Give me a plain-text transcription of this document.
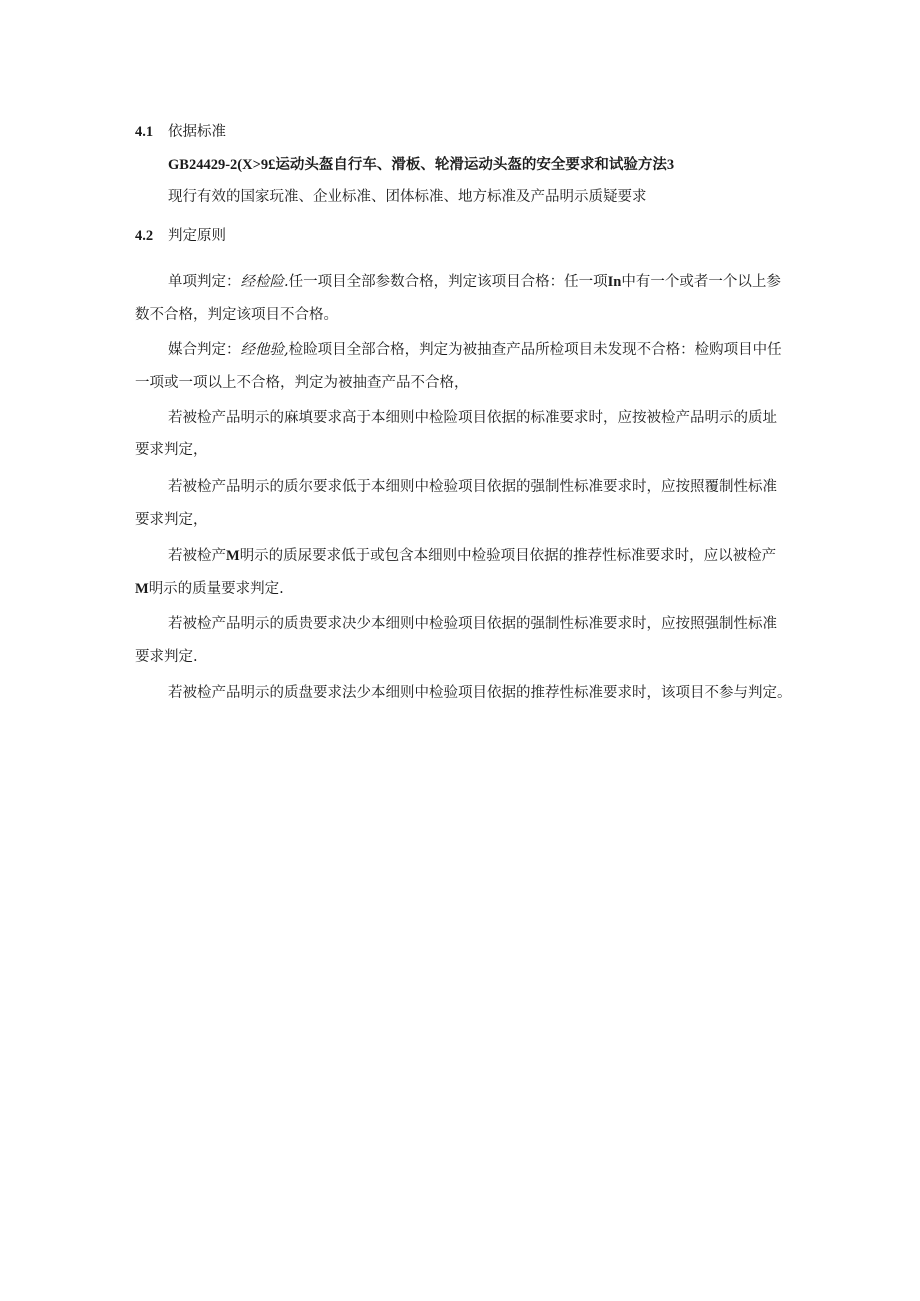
4.1 依据标准
GB24429-2(X>9£运动头盔自行车、滑板、轮滑运动头盔的安全要求和试验方法3
现行有效的国家玩准、企业标准、团体标准、地方标准及产品明示质疑要求
4.2 判定原则
单项判定：经检险.任一项目全部参数合格，判定该项目合格：任一项In中有一个或者一个以上参
数不合格，判定该项目不合格。
媒合判定：经他验,检睑项目全部合格，判定为被抽查产品所检项目未发现不合格：检购项目中任
一项或一项以上不合格，判定为被抽查产品不合格，
若被检产品明示的麻填要求高于本细则中检险项目依据的标准要求时，应按被检产品明示的质址
要求判定，
若被检产品明示的质尔要求低于本细则中检验项目依据的强制性标准要求时，应按照覆制性标准
要求判定，
若被检产M明示的质尿要求低于或包含本细则中检验项目依据的推荐性标准要求时，应以被检产
M明示的质量要求判定.
若被检产品明示的质贵要求决少本细则中检验项目依据的强制性标准要求时，应按照强制性标准
要求判定.
若被检产品明示的质盘要求法少本细则中检验项目依据的推荐性标准要求时，该项目不参与判定。
